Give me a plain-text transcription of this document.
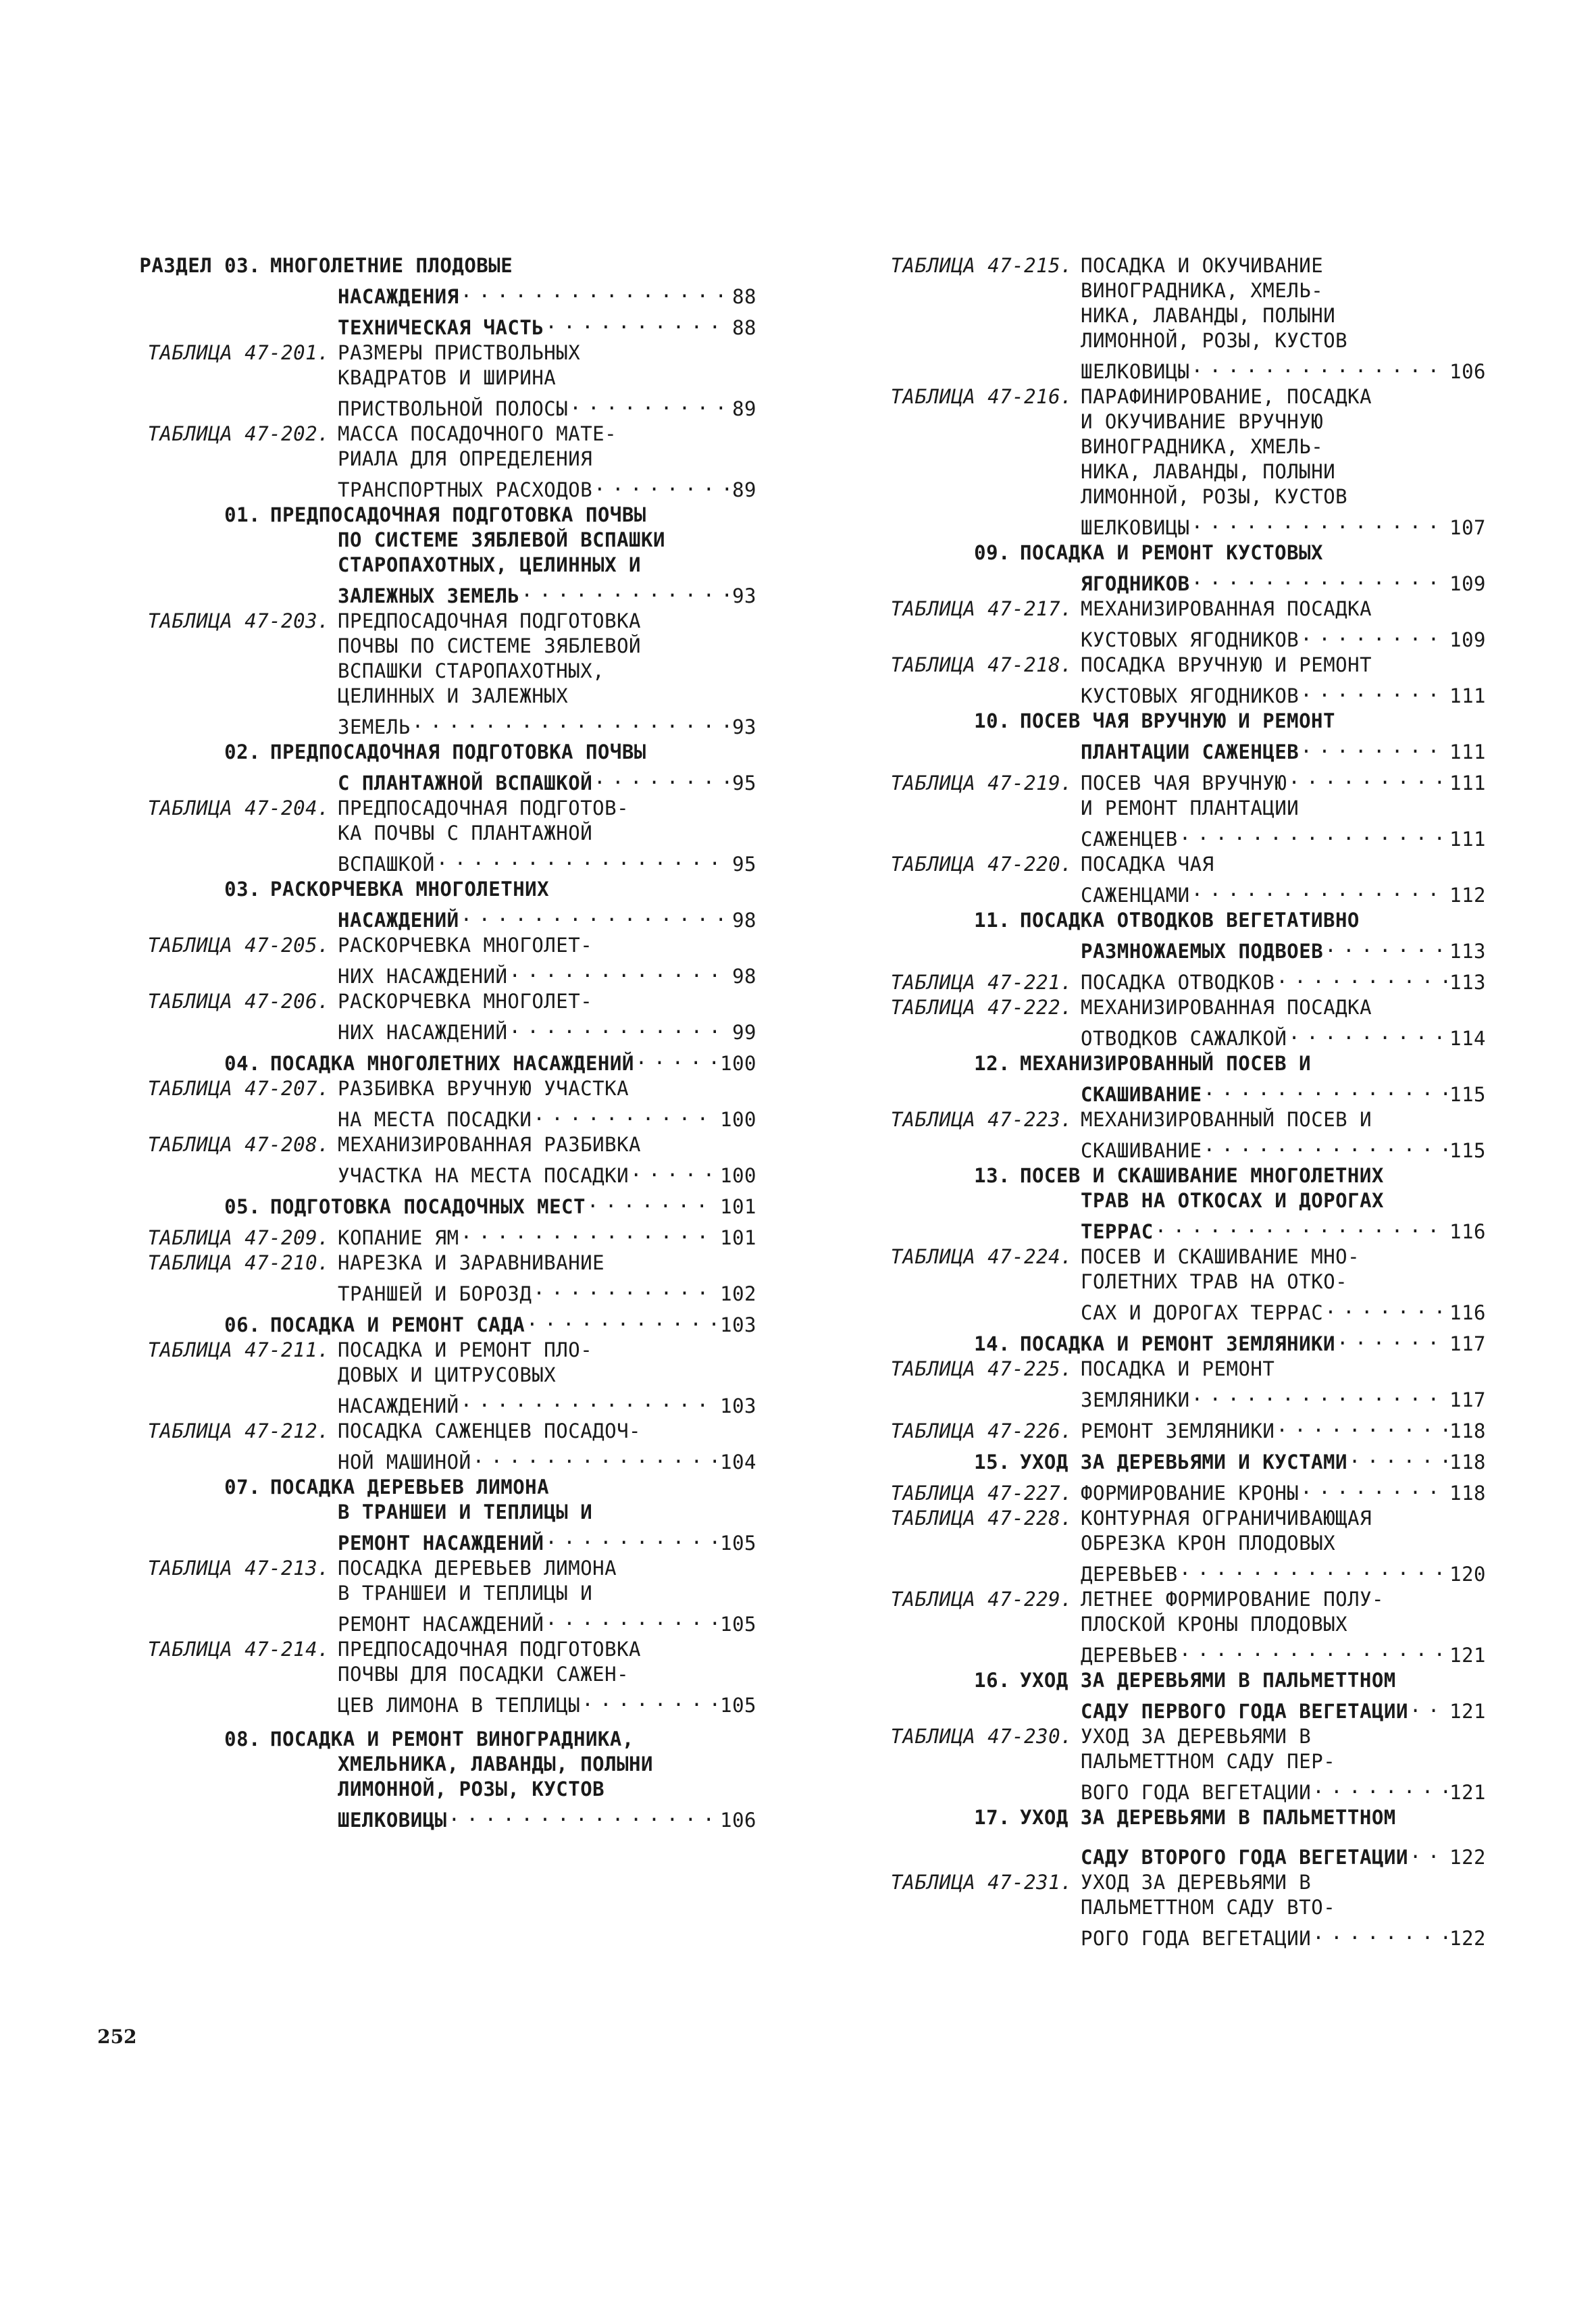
РАЗДЕЛ 03. МНОГОЛЕТНИЕ ПЛОДОВЫЕ
НАСАЖДЕНИЯ . . .	88
ТЕХНИЧЕСКАЯ ЧАСТЬ . . .	88
ТАБЛИЦА 47-201. РАЗМЕРЫ ПРИСТВОЛЬНЫХ
КВАДРАТОВ И ШИРИНА
ПРИСТВОЛЬНОЙ ПОЛОСЫ . . .	89
ТАБЛИЦА 47-202. МАССА ПОСАДОЧНОГО МАТЕ-
РИАЛА ДЛЯ ОПРЕДЕЛЕНИЯ
ТРАНСПОРТНЫХ РАСХОДОВ . . .	89
01. ПРЕДПОСАДОЧНАЯ ПОДГОТОВКА ПОЧВЫ
ПО СИСТЕМЕ ЗЯБЛЕВОЙ ВСПАШКИ
СТАРОПАХОТНЫХ, ЦЕЛИННЫХ И
ЗАЛЕЖНЫХ ЗЕМЕЛЬ . . .	93
ТАБЛИЦА 47-203. ПРЕДПОСАДОЧНАЯ ПОДГОТОВКА
ПОЧВЫ ПО СИСТЕМЕ ЗЯБЛЕВОЙ
ВСПАШКИ СТАРОПАХОТНЫХ,
ЦЕЛИННЫХ И ЗАЛЕЖНЫХ
ЗЕМЕЛЬ . . .	93
02. ПРЕДПОСАДОЧНАЯ ПОДГОТОВКА ПОЧВЫ
С ПЛАНТАЖНОЙ ВСПАШКОЙ . . .	95
ТАБЛИЦА 47-204. ПРЕДПОСАДОЧНАЯ ПОДГОТОВ-
КА ПОЧВЫ С ПЛАНТАЖНОЙ
ВСПАШКОЙ . . .	95
03. РАСКОРЧЕВКА МНОГОЛЕТНИХ
НАСАЖДЕНИЙ . . .	98
ТАБЛИЦА 47-205. РАСКОРЧЕВКА МНОГОЛЕТ-
НИХ НАСАЖДЕНИЙ . . .	98
ТАБЛИЦА 47-206. РАСКОРЧЕВКА МНОГОЛЕТ-
НИХ НАСАЖДЕНИЙ . . .	99
04. ПОСАДКА МНОГОЛЕТНИХ НАСАЖДЕНИЙ . . .	100
ТАБЛИЦА 47-207. РАЗБИВКА ВРУЧНУЮ УЧАСТКА
НА МЕСТА ПОСАДКИ . . .	100
ТАБЛИЦА 47-208. МЕХАНИЗИРОВАННАЯ РАЗБИВКА
УЧАСТКА НА МЕСТА ПОСАДКИ . . .	100
05. ПОДГОТОВКА ПОСАДОЧНЫХ МЕСТ . . .	101
ТАБЛИЦА 47-209. КОПАНИЕ ЯМ . . .	101
ТАБЛИЦА 47-210. НАРЕЗКА И ЗАРАВНИВАНИЕ
ТРАНШЕЙ И БОРОЗД . . .	102
06. ПОСАДКА И РЕМОНТ САДА . . .	103
ТАБЛИЦА 47-211. ПОСАДКА И РЕМОНТ ПЛО-
ДОВЫХ И ЦИТРУСОВЫХ
НАСАЖДЕНИЙ . . .	103
ТАБЛИЦА 47-212. ПОСАДКА САЖЕНЦЕВ ПОСАДОЧ-
НОЙ МАШИНОЙ . . .	104
07. ПОСАДКА ДЕРЕВЬЕВ ЛИМОНА
В ТРАНШЕИ И ТЕПЛИЦЫ И
РЕМОНТ НАСАЖДЕНИЙ . . .	105
ТАБЛИЦА 47-213. ПОСАДКА ДЕРЕВЬЕВ ЛИМОНА
В ТРАНШЕИ И ТЕПЛИЦЫ И
РЕМОНТ НАСАЖДЕНИЙ . . .	105
ТАБЛИЦА 47-214. ПРЕДПОСАДОЧНАЯ ПОДГОТОВКА
ПОЧВЫ ДЛЯ ПОСАДКИ САЖЕН-
ЦЕВ ЛИМОНА В ТЕПЛИЦЫ . . .	105
08. ПОСАДКА И РЕМОНТ ВИНОГРАДНИКА,
ХМЕЛЬНИКА, ЛАВАНДЫ, ПОЛЫНИ
ЛИМОННОЙ, РОЗЫ, КУСТОВ
ШЕЛКОВИЦЫ . . .	106
ТАБЛИЦА 47-215. ПОСАДКА И ОКУЧИВАНИЕ
ВИНОГРАДНИКА, ХМЕЛЬ-
НИКА, ЛАВАНДЫ, ПОЛЫНИ
ЛИМОННОЙ, РОЗЫ, КУСТОВ
ШЕЛКОВИЦЫ . . .	106
ТАБЛИЦА 47-216. ПАРАФИНИРОВАНИЕ, ПОСАДКА
И ОКУЧИВАНИЕ ВРУЧНУЮ
ВИНОГРАДНИКА, ХМЕЛЬ-
НИКА, ЛАВАНДЫ, ПОЛЫНИ
ЛИМОННОЙ, РОЗЫ, КУСТОВ
ШЕЛКОВИЦЫ . . .	107
09. ПОСАДКА И РЕМОНТ КУСТОВЫХ
ЯГОДНИКОВ . . .	109
ТАБЛИЦА 47-217. МЕХАНИЗИРОВАННАЯ ПОСАДКА
КУСТОВЫХ ЯГОДНИКОВ . . .	109
ТАБЛИЦА 47-218. ПОСАДКА ВРУЧНУЮ И РЕМОНТ
КУСТОВЫХ ЯГОДНИКОВ . . .	111
10. ПОСЕВ ЧАЯ ВРУЧНУЮ И РЕМОНТ
ПЛАНТАЦИИ САЖЕНЦЕВ . . .	111
ТАБЛИЦА 47-219. ПОСЕВ ЧАЯ ВРУЧНУЮ . . .	111
И РЕМОНТ ПЛАНТАЦИИ
САЖЕНЦЕВ . . .	111
ТАБЛИЦА 47-220. ПОСАДКА ЧАЯ
САЖЕНЦАМИ . . .	112
11. ПОСАДКА ОТВОДКОВ ВЕГЕТАТИВНО
РАЗМНОЖАЕМЫХ ПОДВОЕВ . . .	113
ТАБЛИЦА 47-221. ПОСАДКА ОТВОДКОВ . . .	113
ТАБЛИЦА 47-222. МЕХАНИЗИРОВАННАЯ ПОСАДКА
ОТВОДКОВ САЖАЛКОЙ . . .	114
12. МЕХАНИЗИРОВАННЫЙ ПОСЕВ И
СКАШИВАНИЕ . . .	115
ТАБЛИЦА 47-223. МЕХАНИЗИРОВАННЫЙ ПОСЕВ И
СКАШИВАНИЕ . . .	115
13. ПОСЕВ И СКАШИВАНИЕ МНОГОЛЕТНИХ
ТРАВ НА ОТКОСАХ И ДОРОГАХ
ТЕРРАС . . .	116
ТАБЛИЦА 47-224. ПОСЕВ И СКАШИВАНИЕ МНО-
ГОЛЕТНИХ ТРАВ НА ОТКО-
САХ И ДОРОГАХ ТЕРРАС . . .	116
14. ПОСАДКА И РЕМОНТ ЗЕМЛЯНИКИ . . .	117
ТАБЛИЦА 47-225. ПОСАДКА И РЕМОНТ
ЗЕМЛЯНИКИ . . .	117
ТАБЛИЦА 47-226. РЕМОНТ ЗЕМЛЯНИКИ . . .	118
15. УХОД ЗА ДЕРЕВЬЯМИ И КУСТАМИ . . .	118
ТАБЛИЦА 47-227. ФОРМИРОВАНИЕ КРОНЫ . . .	118
ТАБЛИЦА 47-228. КОНТУРНАЯ ОГРАНИЧИВАЮЩАЯ
ОБРЕЗКА КРОН ПЛОДОВЫХ
ДЕРЕВЬЕВ . . .	120
ТАБЛИЦА 47-229. ЛЕТНЕЕ ФОРМИРОВАНИЕ ПОЛУ-
ПЛОСКОЙ КРОНЫ ПЛОДОВЫХ
ДЕРЕВЬЕВ . . .	121
16. УХОД ЗА ДЕРЕВЬЯМИ В ПАЛЬМЕТТНОМ
САДУ ПЕРВОГО ГОДА ВЕГЕТАЦИИ . . . 121
ТАБЛИЦА 47-230. УХОД ЗА ДЕРЕВЬЯМИ В
ПАЛЬМЕТТНОМ САДУ ПЕР-
ВОГО ГОДА ВЕГЕТАЦИИ . . .	121
17. УХОД ЗА ДЕРЕВЬЯМИ В ПАЛЬМЕТТНОМ
САДУ ВТОРОГО ГОДА ВЕГЕТАЦИИ . . . 122
ТАБЛИЦА 47-231. УХОД ЗА ДЕРЕВЬЯМИ В
ПАЛЬМЕТТНОМ САДУ ВТО-
РОГО ГОДА ВЕГЕТАЦИИ . . .	122
252
